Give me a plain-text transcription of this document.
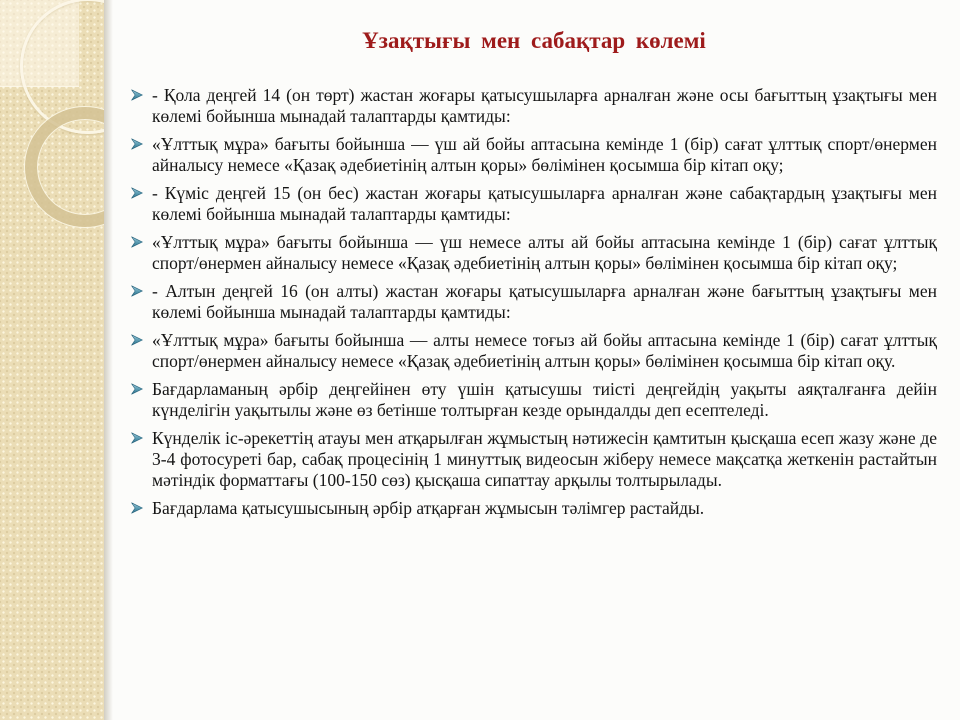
Ұзақтығы мен сабақтар көлемі
- Қола деңгей 14 (он төрт) жастан жоғары қатысушыларға арналған және осы бағыттың ұзақтығы мен көлемі бойынша мынадай талаптарды қамтиды:
«Ұлттық мұра» бағыты бойынша — үш ай бойы аптасына кемінде 1 (бір) сағат ұлттық спорт/өнермен айналысу немесе «Қазақ әдебиетінің алтын қоры» бөлімінен қосымша бір кітап оқу;
- Күміс деңгей 15 (он бес) жастан жоғары қатысушыларға арналған және сабақтардың ұзақтығы мен көлемі бойынша мынадай талаптарды қамтиды:
«Ұлттық мұра» бағыты бойынша — үш немесе алты ай бойы аптасына кемінде 1 (бір) сағат ұлттық спорт/өнермен айналысу немесе «Қазақ әдебиетінің алтын қоры» бөлімінен қосымша бір кітап оқу;
- Алтын деңгей 16 (он алты) жастан жоғары қатысушыларға арналған және бағыттың ұзақтығы мен көлемі бойынша мынадай талаптарды қамтиды:
«Ұлттық мұра» бағыты бойынша — алты немесе тоғыз ай бойы аптасына кемінде 1 (бір) сағат ұлттық спорт/өнермен айналысу немесе «Қазақ әдебиетінің алтын қоры» бөлімінен қосымша бір кітап оқу.
Бағдарламаның әрбір деңгейінен өту үшін қатысушы тиісті деңгейдің уақыты аяқталғанға дейін күнделігін уақытылы және өз бетінше толтырған кезде орындалды деп есептеледі.
Күнделік іс-әрекеттің атауы мен атқарылған жұмыстың нәтижесін қамтитын қысқаша есеп жазу және де 3-4 фотосуреті бар, сабақ процесінің 1 минуттық видеосын жіберу немесе мақсатқа жеткенін растайтын мәтіндік форматтағы (100-150 сөз) қысқаша сипаттау арқылы толтырылады.
Бағдарлама қатысушысының әрбір атқарған жұмысын тәлімгер растайды.
